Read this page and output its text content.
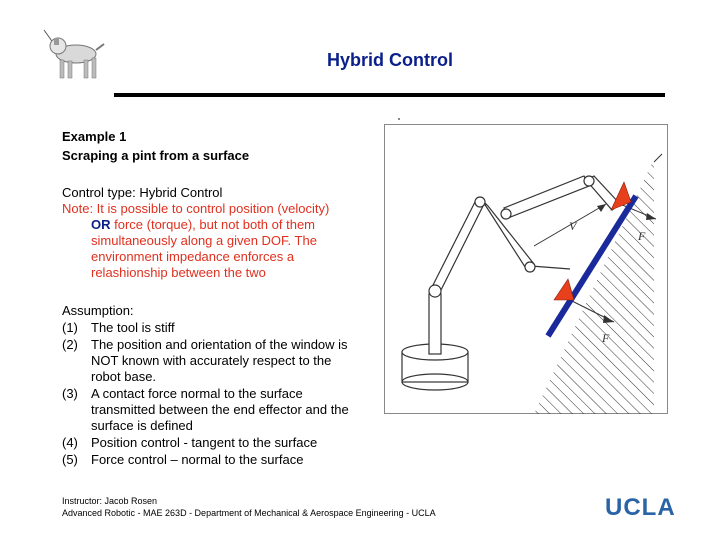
Hybrid Control
Example 1
Scraping a pint from a surface
Control type: Hybrid Control
Note: It is possible to control position (velocity)
OR force (torque), but not both of them simultaneously along a given DOF. The environment impedance enforces a relashionship between the two
Assumption:
(1)	The tool is stiff
(2)	The position and orientation of the window is NOT known with accurately respect to the robot base.
(3)	A contact force normal to the surface transmitted between the end effector and the surface is defined
(4)	Position control - tangent to the surface
(5)	Force control – normal to the surface
V
F
F
Instructor: Jacob Rosen
Advanced Robotic - MAE 263D - Department of Mechanical & Aerospace Engineering - UCLA	UCLA
